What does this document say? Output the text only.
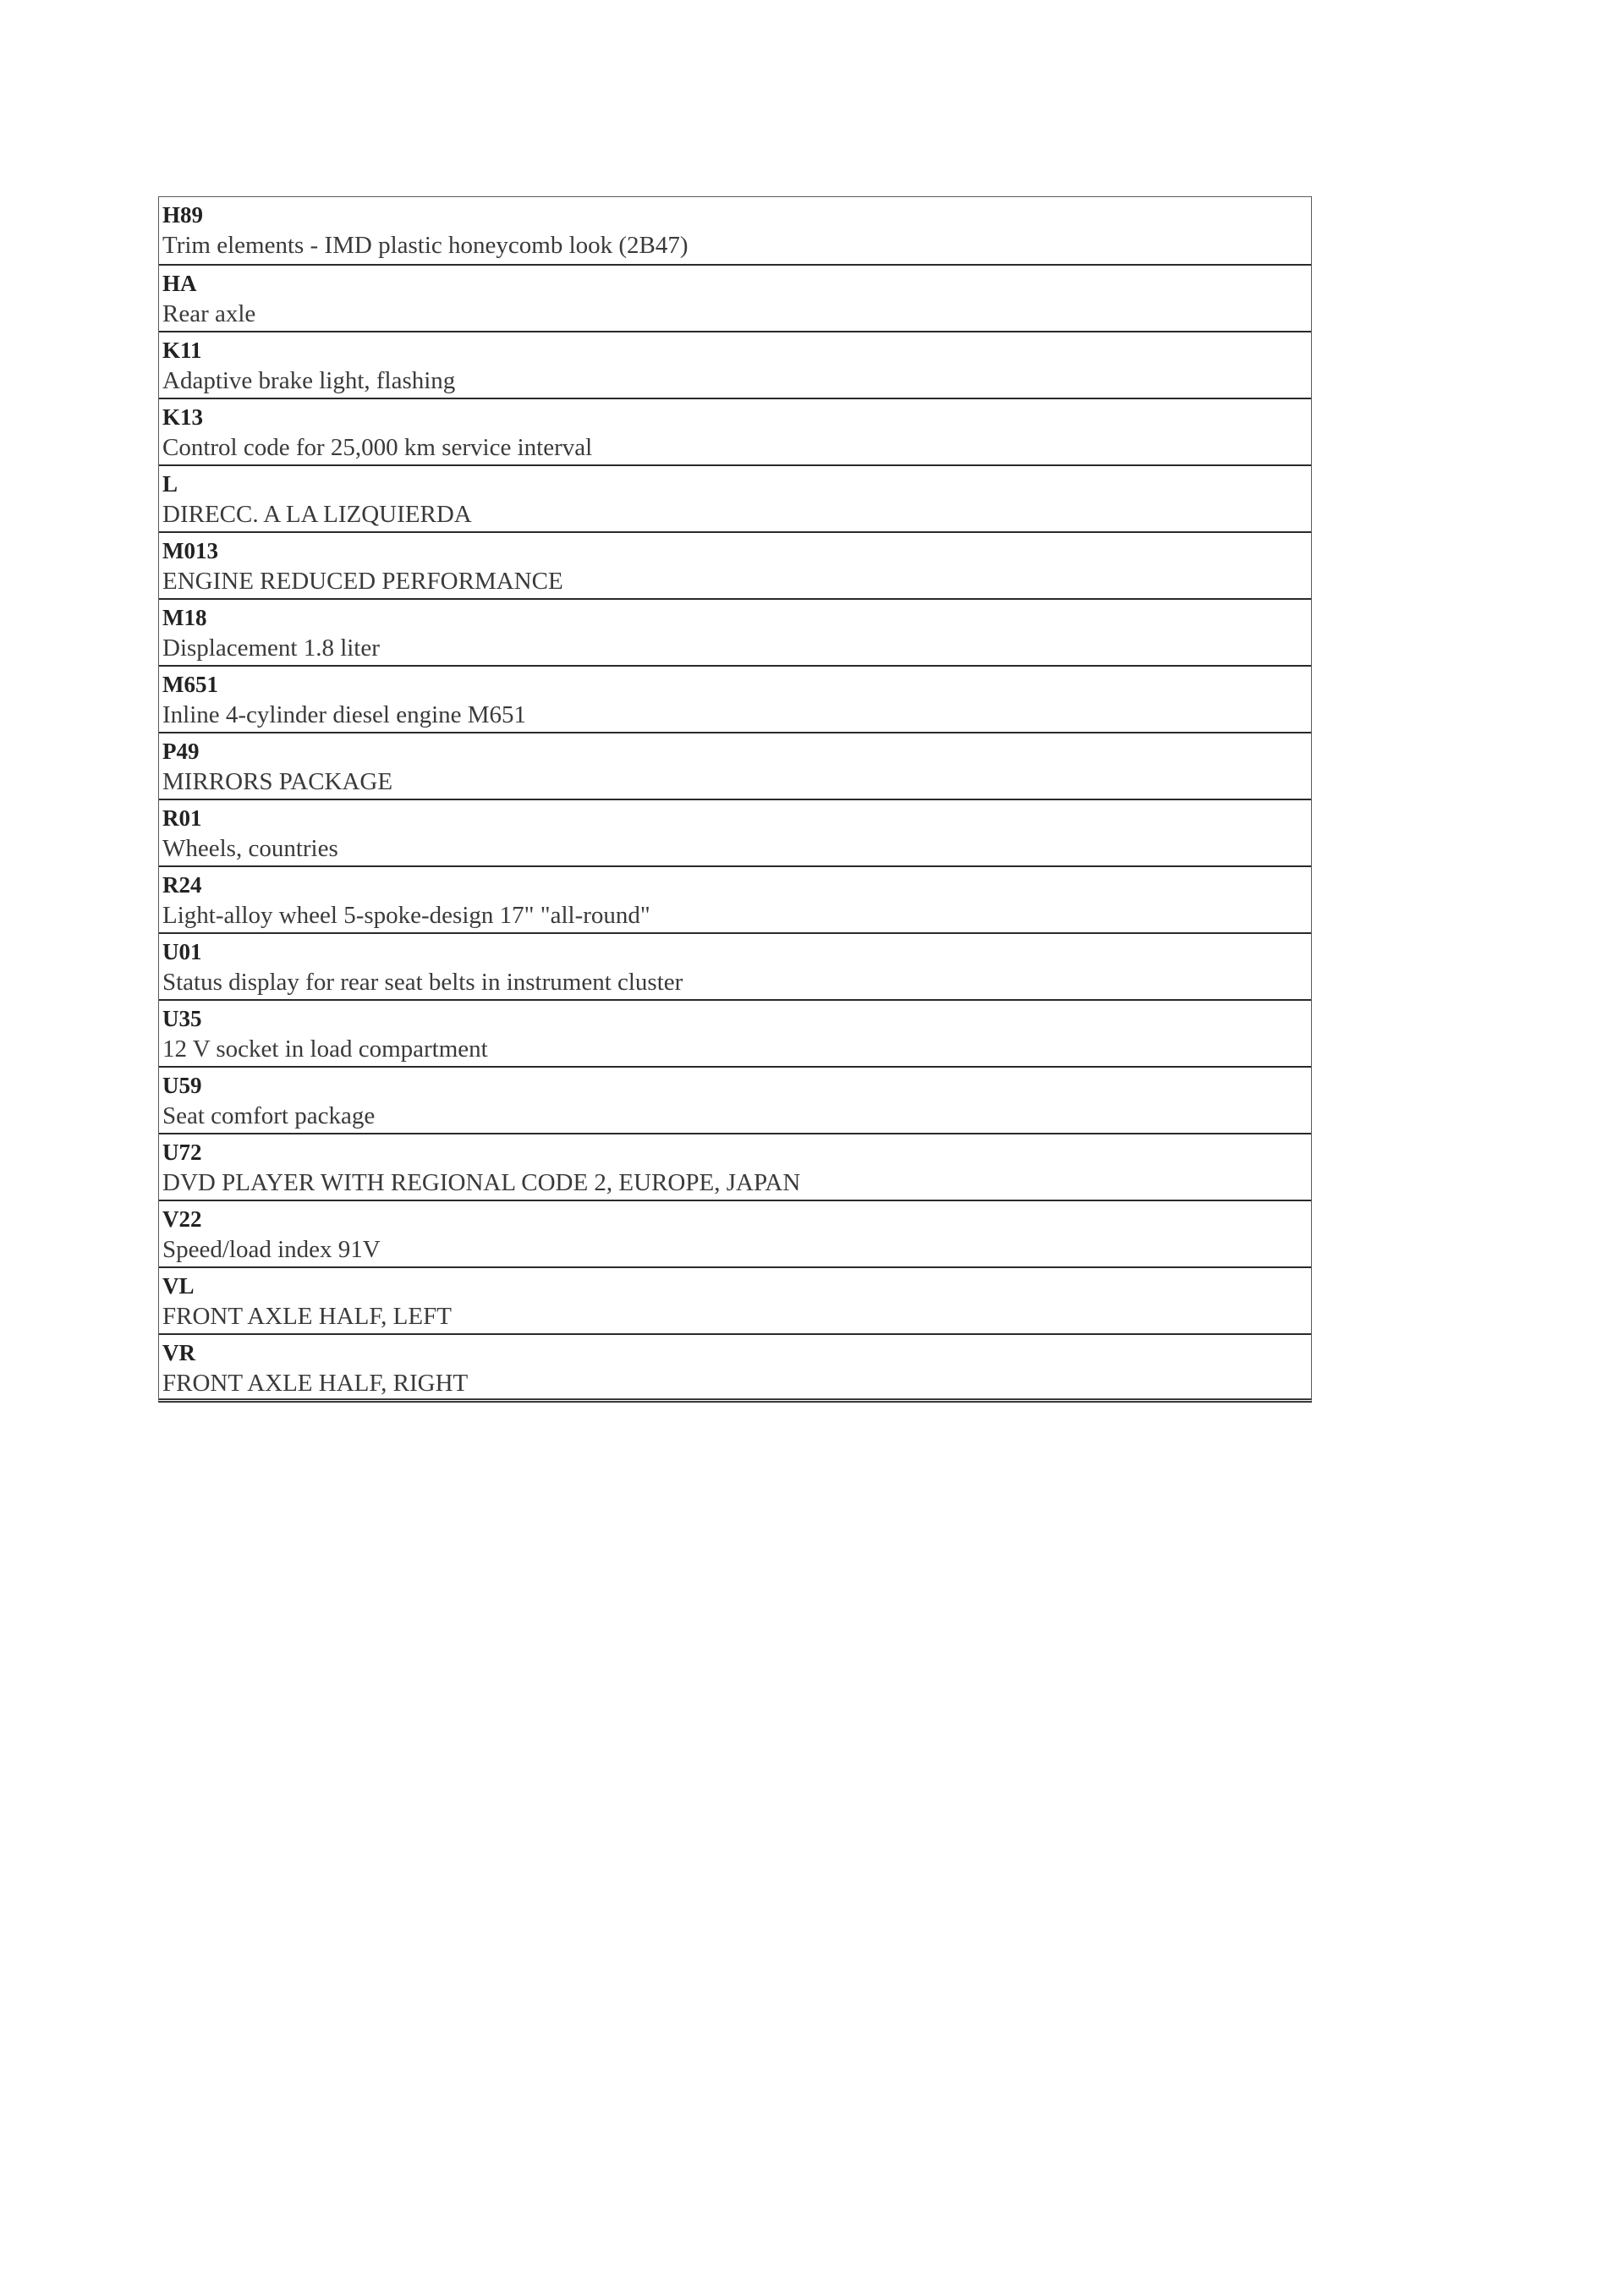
H89
Trim elements - IMD plastic honeycomb look (2B47)
HA
Rear axle
K11
Adaptive brake light, flashing
K13
Control code for 25,000 km service interval
L
DIRECC. A LA LIZQUIERDA
M013
ENGINE REDUCED PERFORMANCE
M18
Displacement 1.8 liter
M651
Inline 4-cylinder diesel engine M651
P49
MIRRORS PACKAGE
R01
Wheels, countries
R24
Light-alloy wheel 5-spoke-design 17" "all-round"
U01
Status display for rear seat belts in instrument cluster
U35
12 V socket in load compartment
U59
Seat comfort package
U72
DVD PLAYER WITH REGIONAL CODE 2, EUROPE, JAPAN
V22
Speed/load index 91V
VL
FRONT AXLE HALF, LEFT
VR
FRONT AXLE HALF, RIGHT
